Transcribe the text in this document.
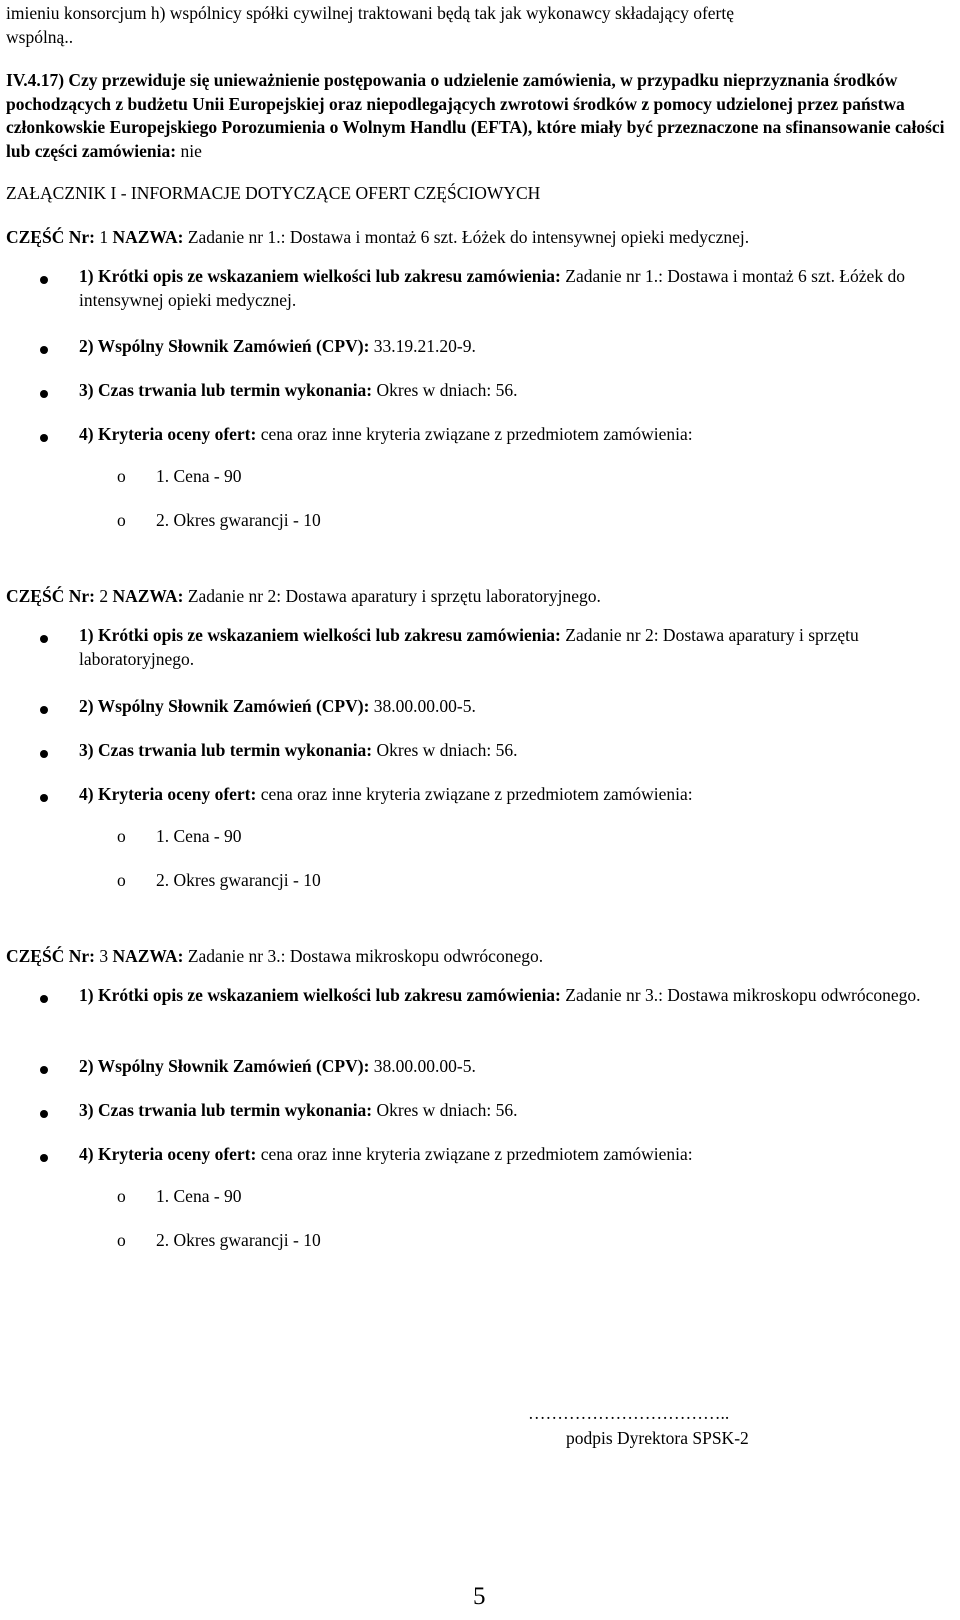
imieniu konsorcjum h) wspólnicy spółki cywilnej traktowani będą tak jak wykonawcy składający ofertę
wspólną..

IV.4.17) Czy przewiduje się unieważnienie postępowania o udzielenie zamówienia, w przypadku nieprzyznania środków pochodzących z budżetu Unii Europejskiej oraz niepodlegających zwrotowi środków z pomocy udzielonej przez państwa członkowskie Europejskiego Porozumienia o Wolnym Handlu (EFTA), które miały być przeznaczone na sfinansowanie całości lub części zamówienia: nie

ZAŁĄCZNIK I - INFORMACJE DOTYCZĄCE OFERT CZĘŚCIOWYCH
CZĘŚĆ Nr: 1 NAZWA: Zadanie nr 1.: Dostawa i montaż 6 szt. Łóżek do intensywnej opieki medycznej.

1) Krótki opis ze wskazaniem wielkości lub zakresu zamówienia: Zadanie nr 1.: Dostawa i montaż 6 szt. Łóżek do intensywnej opieki medycznej.

2) Wspólny Słownik Zamówień (CPV): 33.19.21.20-9.
3) Czas trwania lub termin wykonania: Okres w dniach: 56.
4) Kryteria oceny ofert: cena oraz inne kryteria związane z przedmiotem zamówienia:
o 1. Cena - 90
o 2. Okres gwarancji - 10
CZĘŚĆ Nr: 2 NAZWA: Zadanie nr 2: Dostawa aparatury i sprzętu laboratoryjnego.

1) Krótki opis ze wskazaniem wielkości lub zakresu zamówienia: Zadanie nr 2: Dostawa aparatury i sprzętu laboratoryjnego.

2) Wspólny Słownik Zamówień (CPV): 38.00.00.00-5.
3) Czas trwania lub termin wykonania: Okres w dniach: 56.
4) Kryteria oceny ofert: cena oraz inne kryteria związane z przedmiotem zamówienia:
o 1. Cena - 90
o 2. Okres gwarancji - 10
CZĘŚĆ Nr: 3 NAZWA: Zadanie nr 3.: Dostawa mikroskopu odwróconego.

1) Krótki opis ze wskazaniem wielkości lub zakresu zamówienia: Zadanie nr 3.: Dostawa mikroskopu odwróconego.

2) Wspólny Słownik Zamówień (CPV): 38.00.00.00-5.
3) Czas trwania lub termin wykonania: Okres w dniach: 56.
4) Kryteria oceny ofert: cena oraz inne kryteria związane z przedmiotem zamówienia:
o 1. Cena - 90
o 2. Okres gwarancji - 10
……………………………..
podpis Dyrektora SPSK-2
5
